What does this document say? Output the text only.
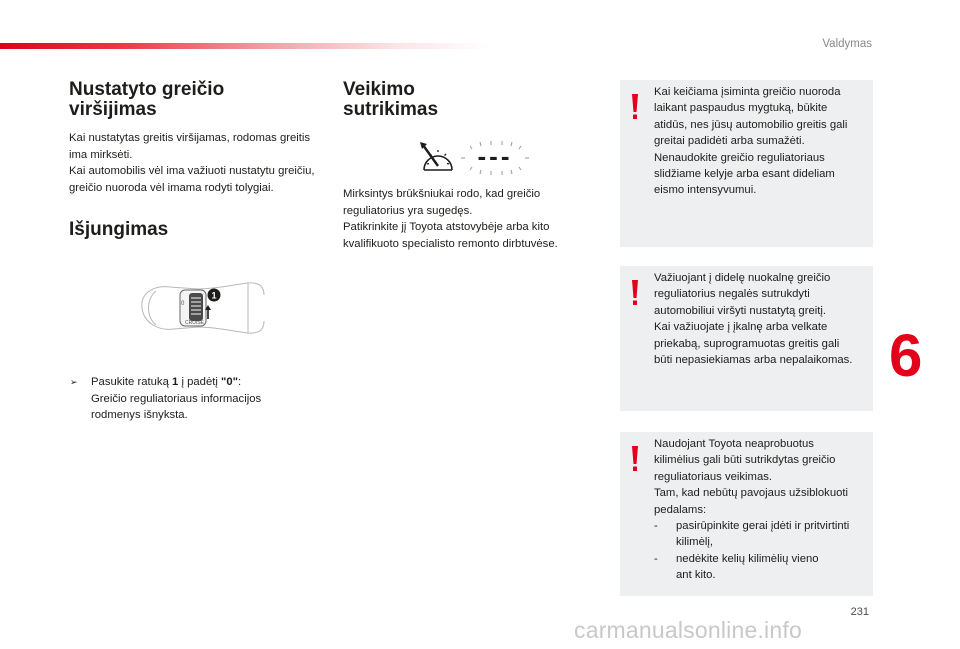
Valdymas
6
Nustatyto greičio
viršijimas
Kai nustatytas greitis viršijamas, rodomas greitis
ima mirksėti.
Kai automobilis vėl ima važiuoti nustatytu greičiu,
greičio nuoroda vėl imama rodyti tolygiai.
Išjungimas
0
CRUISE
1
➢ Pasukite ratuką 1 į padėtį "0":
Greičio reguliatoriaus informacijos
rodmenys išnyksta.
Veikimo
sutrikimas
---
Mirksintys brūkšniukai rodo, kad greičio
reguliatorius yra sugedęs.
Patikrinkite jį Toyota atstovybėje arba kito
kvalifikuoto specialisto remonto dirbtuvėse.
Kai keičiama įsiminta greičio nuoroda
laikant paspaudus mygtuką, būkite
atidūs, nes jūsų automobilio greitis gali
greitai padidėti arba sumažėti.
Nenaudokite greičio reguliatoriaus
slidžiame kelyje arba esant dideliam
eismo intensyvumui.
Važiuojant į didelę nuokalnę greičio
reguliatorius negalės sutrukdyti
automobiliui viršyti nustatytą greitį.
Kai važiuojate į įkalnę arba velkate
priekabą, suprogramuotas greitis gali
būti nepasiekiamas arba nepalaikomas.
Naudojant Toyota neaprobuotus
kilimėlius gali būti sutrikdytas greičio
reguliatoriaus veikimas.
Tam, kad nebūtų pavojaus užsiblokuoti
pedalams:
- pasirūpinkite gerai įdėti ir pritvirtinti
kilimėlį,
- nedėkite kelių kilimėlių vieno
ant kito.
231
carmanualsonline.info
